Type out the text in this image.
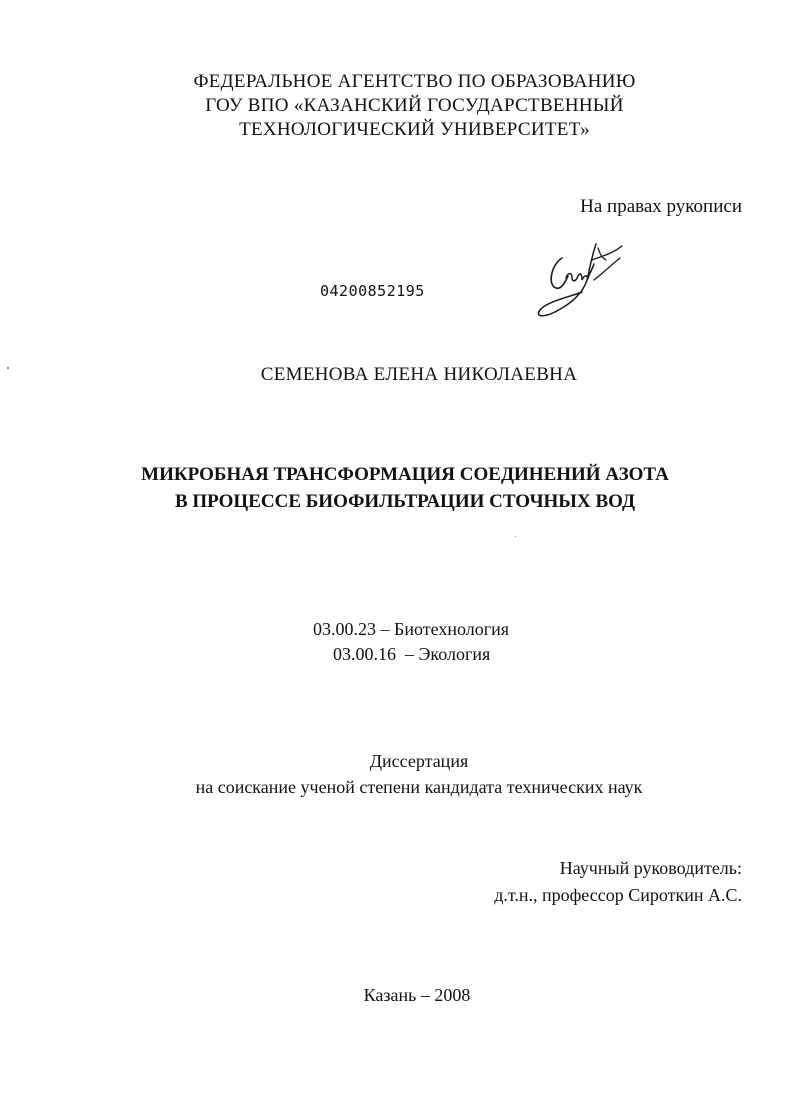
ФЕДЕРАЛЬНОЕ АГЕНТСТВО ПО ОБРАЗОВАНИЮ
ГОУ ВПО «КАЗАНСКИЙ ГОСУДАРСТВЕННЫЙ
ТЕХНОЛОГИЧЕСКИЙ УНИВЕРСИТЕТ»
На правах рукописи
04200852195
СЕМЕНОВА ЕЛЕНА НИКОЛАЕВНА
МИКРОБНАЯ ТРАНСФОРМАЦИЯ СОЕДИНЕНИЙ АЗОТА
В ПРОЦЕССЕ БИОФИЛЬТРАЦИИ СТОЧНЫХ ВОД
03.00.23 – Биотехнология
03.00.16  – Экология
Диссертация
на соискание ученой степени кандидата технических наук
Научный руководитель:
д.т.н., профессор Сироткин А.С.
Казань – 2008
